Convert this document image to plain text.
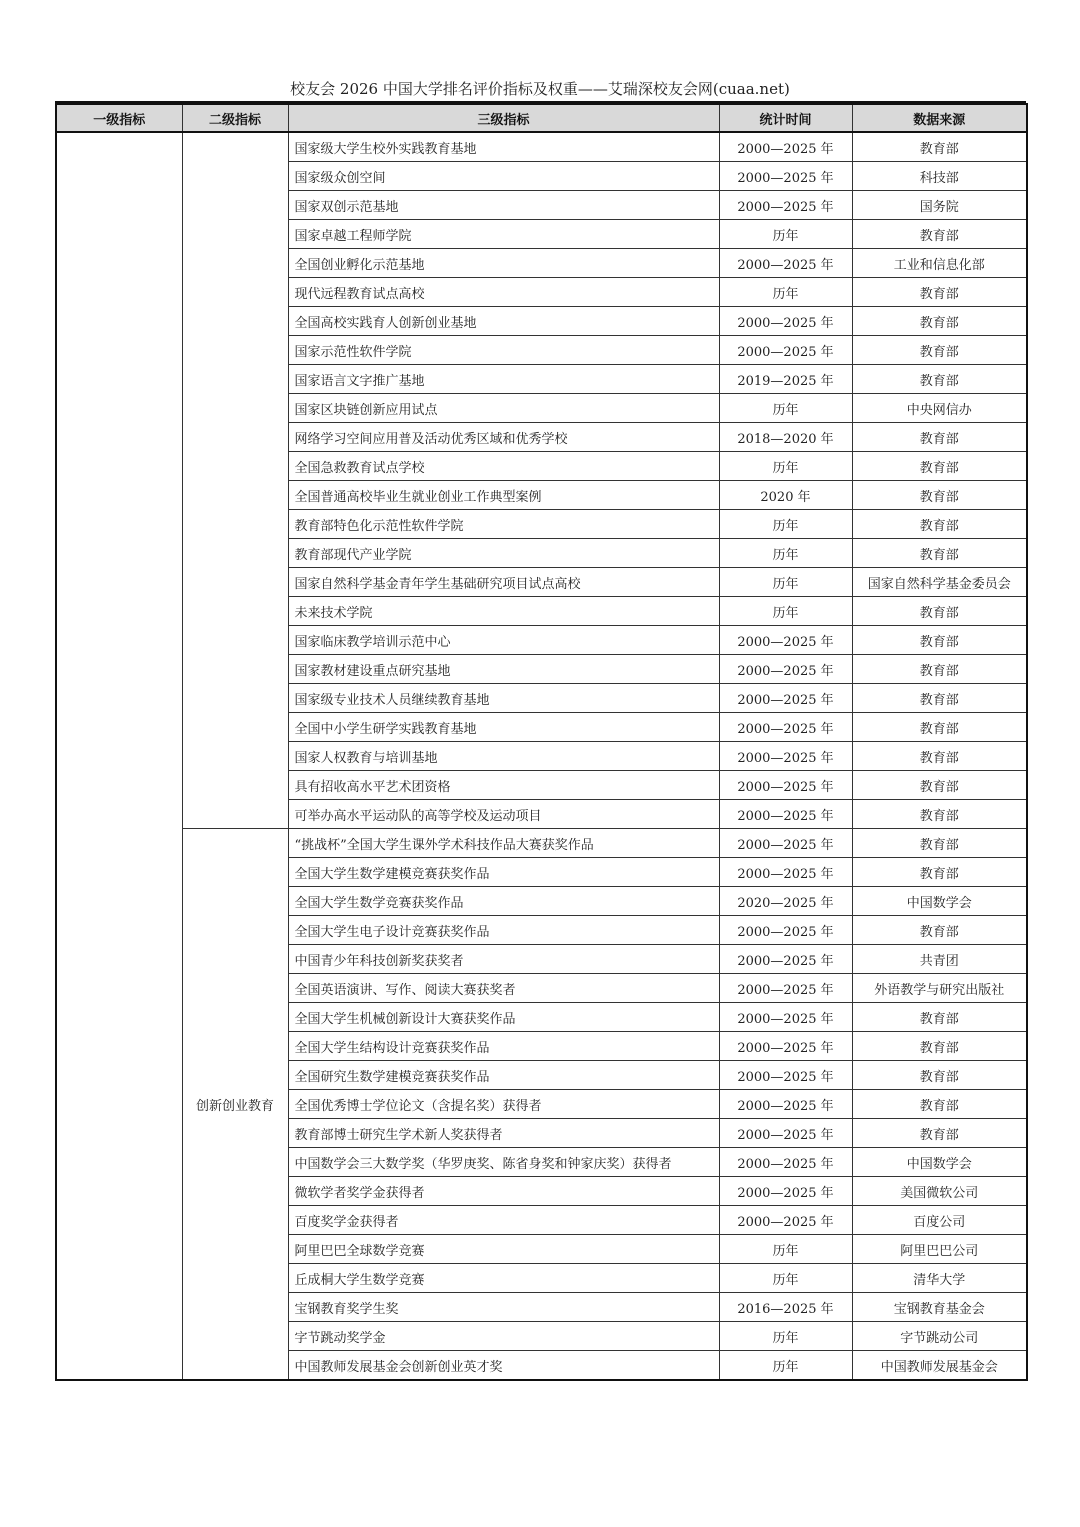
校友会 2026 中国大学排名评价指标及权重——艾瑞深校友会网(cuaa.net)
一级指标	二级指标	三级指标	统计时间	数据来源
		国家级大学生校外实践教育基地	2000—2025 年	教育部
		国家级众创空间	2000—2025 年	科技部
		国家双创示范基地	2000—2025 年	国务院
		国家卓越工程师学院	历年	教育部
		全国创业孵化示范基地	2000—2025 年	工业和信息化部
		现代远程教育试点高校	历年	教育部
		全国高校实践育人创新创业基地	2000—2025 年	教育部
		国家示范性软件学院	2000—2025 年	教育部
		国家语言文字推广基地	2019—2025 年	教育部
		国家区块链创新应用试点	历年	中央网信办
		网络学习空间应用普及活动优秀区域和优秀学校	2018—2020 年	教育部
		全国急救教育试点学校	历年	教育部
		全国普通高校毕业生就业创业工作典型案例	2020 年	教育部
		教育部特色化示范性软件学院	历年	教育部
		教育部现代产业学院	历年	教育部
		国家自然科学基金青年学生基础研究项目试点高校	历年	国家自然科学基金委员会
		未来技术学院	历年	教育部
		国家临床教学培训示范中心	2000—2025 年	教育部
		国家教材建设重点研究基地	2000—2025 年	教育部
		国家级专业技术人员继续教育基地	2000—2025 年	教育部
		全国中小学生研学实践教育基地	2000—2025 年	教育部
		国家人权教育与培训基地	2000—2025 年	教育部
		具有招收高水平艺术团资格	2000—2025 年	教育部
		可举办高水平运动队的高等学校及运动项目	2000—2025 年	教育部
	创新创业教育	“挑战杯”全国大学生课外学术科技作品大赛获奖作品	2000—2025 年	教育部
		全国大学生数学建模竞赛获奖作品	2000—2025 年	教育部
		全国大学生数学竞赛获奖作品	2020—2025 年	中国数学会
		全国大学生电子设计竞赛获奖作品	2000—2025 年	教育部
		中国青少年科技创新奖获奖者	2000—2025 年	共青团
		全国英语演讲、写作、阅读大赛获奖者	2000—2025 年	外语教学与研究出版社
		全国大学生机械创新设计大赛获奖作品	2000—2025 年	教育部
		全国大学生结构设计竞赛获奖作品	2000—2025 年	教育部
		全国研究生数学建模竞赛获奖作品	2000—2025 年	教育部
		全国优秀博士学位论文（含提名奖）获得者	2000—2025 年	教育部
		教育部博士研究生学术新人奖获得者	2000—2025 年	教育部
		中国数学会三大数学奖（华罗庚奖、陈省身奖和钟家庆奖）获得者	2000—2025 年	中国数学会
		微软学者奖学金获得者	2000—2025 年	美国微软公司
		百度奖学金获得者	2000—2025 年	百度公司
		阿里巴巴全球数学竞赛	历年	阿里巴巴公司
		丘成桐大学生数学竞赛	历年	清华大学
		宝钢教育奖学生奖	2016—2025 年	宝钢教育基金会
		字节跳动奖学金	历年	字节跳动公司
		中国教师发展基金会创新创业英才奖	历年	中国教师发展基金会
